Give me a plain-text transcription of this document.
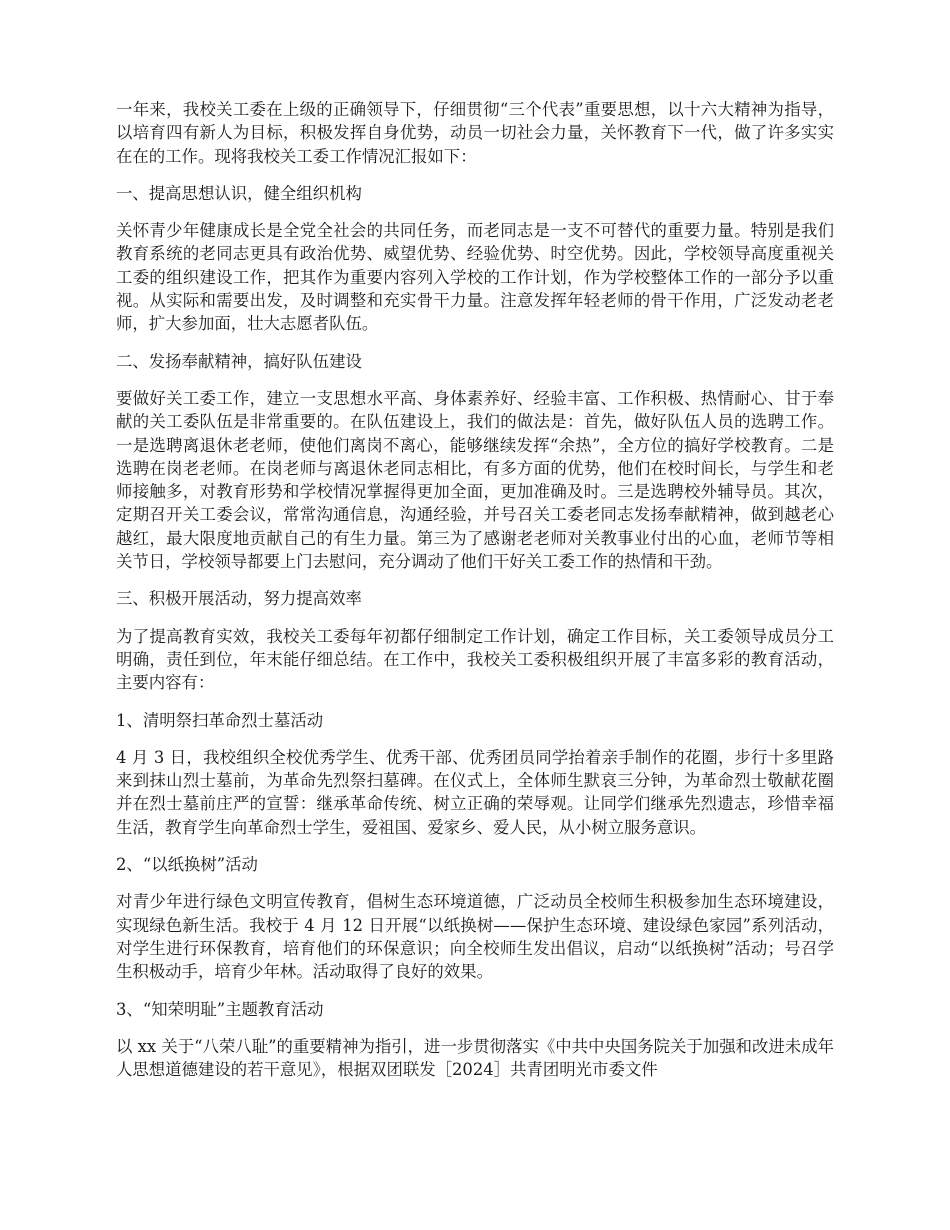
一年来，我校关工委在上级的正确领导下，仔细贯彻“三个代表”重要思想，以十六大精神为指导，以培育四有新人为目标，积极发挥自身优势，动员一切社会力量，关怀教育下一代，做了许多实实在在的工作。现将我校关工委工作情况汇报如下：

一、提高思想认识，健全组织机构

关怀青少年健康成长是全党全社会的共同任务，而老同志是一支不可替代的重要力量。特别是我们教育系统的老同志更具有政治优势、威望优势、经验优势、时空优势。因此，学校领导高度重视关工委的组织建设工作，把其作为重要内容列入学校的工作计划，作为学校整体工作的一部分予以重视。从实际和需要出发，及时调整和充实骨干力量。注意发挥年轻老师的骨干作用，广泛发动老老师，扩大参加面，壮大志愿者队伍。

二、发扬奉献精神，搞好队伍建设

要做好关工委工作，建立一支思想水平高、身体素养好、经验丰富、工作积极、热情耐心、甘于奉献的关工委队伍是非常重要的。在队伍建设上，我们的做法是：首先，做好队伍人员的选聘工作。一是选聘离退休老老师，使他们离岗不离心，能够继续发挥“余热”，全方位的搞好学校教育。二是选聘在岗老老师。在岗老师与离退休老同志相比，有多方面的优势，他们在校时间长，与学生和老师接触多，对教育形势和学校情况掌握得更加全面，更加准确及时。三是选聘校外辅导员。其次，定期召开关工委会议，常常沟通信息，沟通经验，并号召关工委老同志发扬奉献精神，做到越老心越红，最大限度地贡献自己的有生力量。第三为了感谢老老师对关教事业付出的心血，老师节等相关节日，学校领导都要上门去慰问，充分调动了他们干好关工委工作的热情和干劲。

三、积极开展活动，努力提高效率

为了提高教育实效，我校关工委每年初都仔细制定工作计划，确定工作目标，关工委领导成员分工明确，责任到位，年末能仔细总结。在工作中，我校关工委积极组织开展了丰富多彩的教育活动，主要内容有：

1、清明祭扫革命烈士墓活动

4 月 3 日，我校组织全校优秀学生、优秀干部、优秀团员同学抬着亲手制作的花圈，步行十多里路来到抹山烈士墓前，为革命先烈祭扫墓碑。在仪式上，全体师生默哀三分钟，为革命烈士敬献花圈并在烈士墓前庄严的宣誓：继承革命传统、树立正确的荣辱观。让同学们继承先烈遗志，珍惜幸福生活，教育学生向革命烈士学生，爱祖国、爱家乡、爱人民，从小树立服务意识。

2、“以纸换树”活动

对青少年进行绿色文明宣传教育，倡树生态环境道德，广泛动员全校师生积极参加生态环境建设，实现绿色新生活。我校于 4 月 12 日开展“以纸换树——保护生态环境、建设绿色家园”系列活动，对学生进行环保教育，培育他们的环保意识；向全校师生发出倡议，启动“以纸换树”活动；号召学生积极动手，培育少年林。活动取得了良好的效果。

3、“知荣明耻”主题教育活动

以 xx 关于“八荣八耻”的重要精神为指引，进一步贯彻落实《中共中央国务院关于加强和改进未成年人思想道德建设的若干意见》，根据双团联发［2024］共青团明光市委文件
